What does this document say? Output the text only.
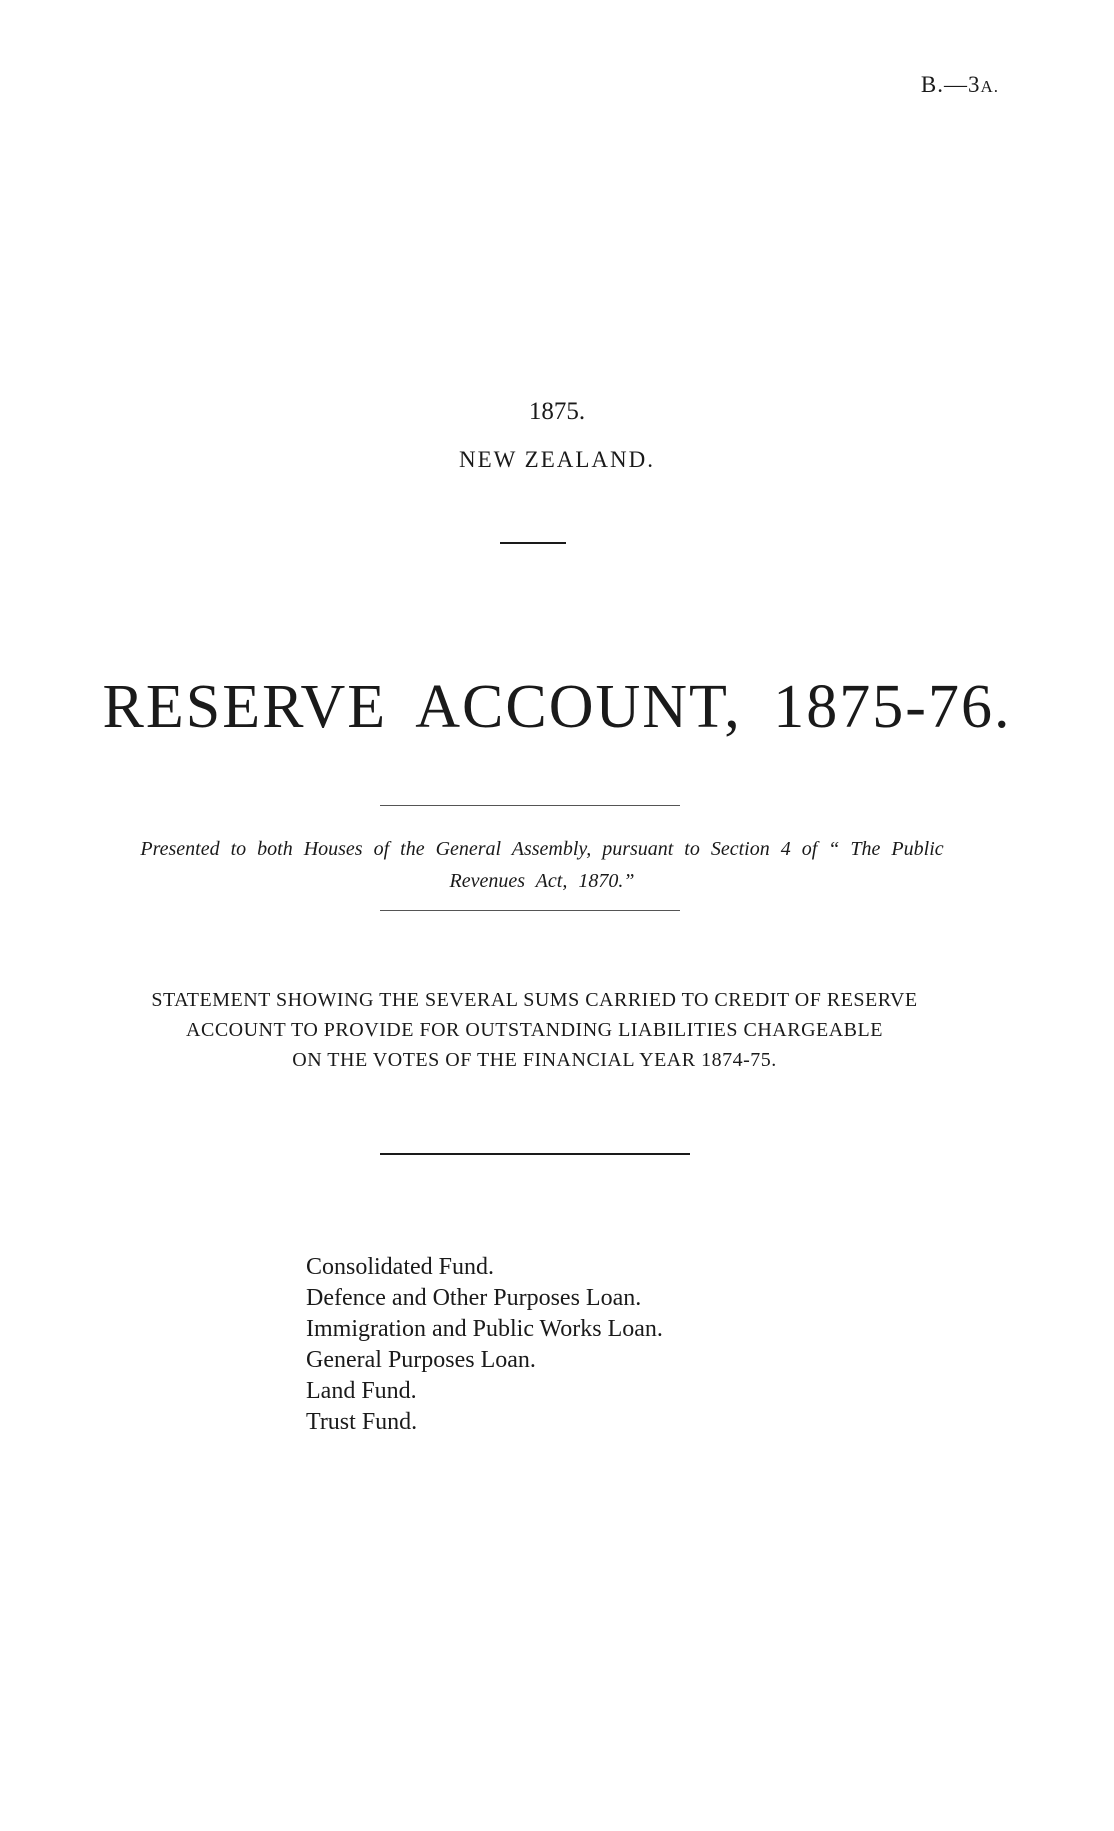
B.—3A.
1875.
NEW ZEALAND.
RESERVE ACCOUNT, 1875-76.
Presented to both Houses of the General Assembly, pursuant to Section 4 of “ The Public
Revenues Act, 1870.”
STATEMENT SHOWING THE SEVERAL SUMS CARRIED TO CREDIT OF RESERVE
ACCOUNT TO PROVIDE FOR OUTSTANDING LIABILITIES CHARGEABLE
ON THE VOTES OF THE FINANCIAL YEAR 1874-75.
Consolidated Fund.
Defence and Other Purposes Loan.
Immigration and Public Works Loan.
General Purposes Loan.
Land Fund.
Trust Fund.
